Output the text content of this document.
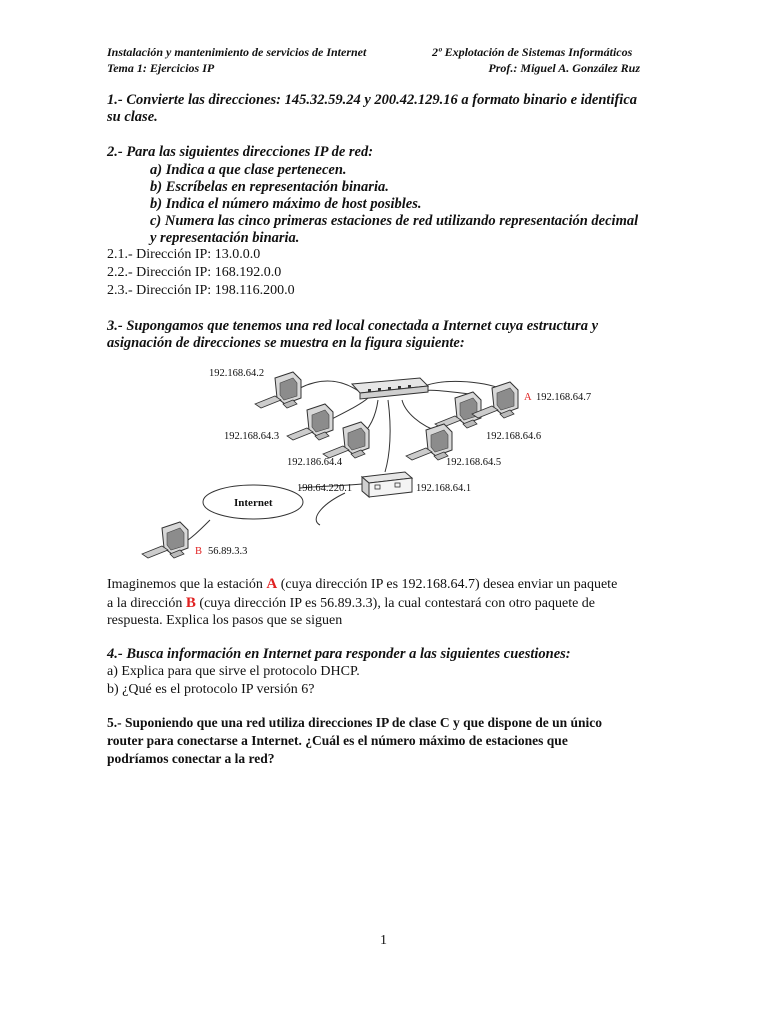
Instalación y mantenimiento de servicios de Internet
Tema 1: Ejercicios IP
2º Explotación de Sistemas Informáticos
Prof.: Miguel A. González Ruz
1.- Convierte las direcciones: 145.32.59.24 y 200.42.129.16 a formato binario e identifica
su clase.
2.- Para las siguientes direcciones IP de red:
a) Indica a que clase pertenecen.
b) Escríbelas en representación binaria.
b) Indica el número máximo de host posibles.
c) Numera las cinco primeras estaciones de red utilizando representación decimal
y representación binaria.
2.1.- Dirección IP: 13.0.0.0
2.2.- Dirección IP: 168.192.0.0
2.3.- Dirección IP: 198.116.200.0
3.- Supongamos que tenemos una red local conectada a Internet cuya estructura y
asignación de direcciones se muestra en la figura siguiente:
192.168.64.2
192.168.64.3
192.186.64.4
A 192.168.64.7
192.168.64.6
192.168.64.5
198.64.220.1	192.168.64.1
Internet
B 56.89.3.3
Imaginemos que la estación A (cuya dirección IP es 192.168.64.7) desea enviar un paquete
a la dirección B (cuya dirección IP es 56.89.3.3), la cual contestará con otro paquete de
respuesta. Explica los pasos que se siguen
4.- Busca información en Internet para responder a las siguientes cuestiones:
a) Explica para que sirve el protocolo DHCP.
b) ¿Qué es el protocolo IP versión 6?
5.- Suponiendo que una red utiliza direcciones IP de clase C y que dispone de un único
router para conectarse a Internet. ¿Cuál es el número máximo de estaciones que
podríamos conectar a la red?
1
